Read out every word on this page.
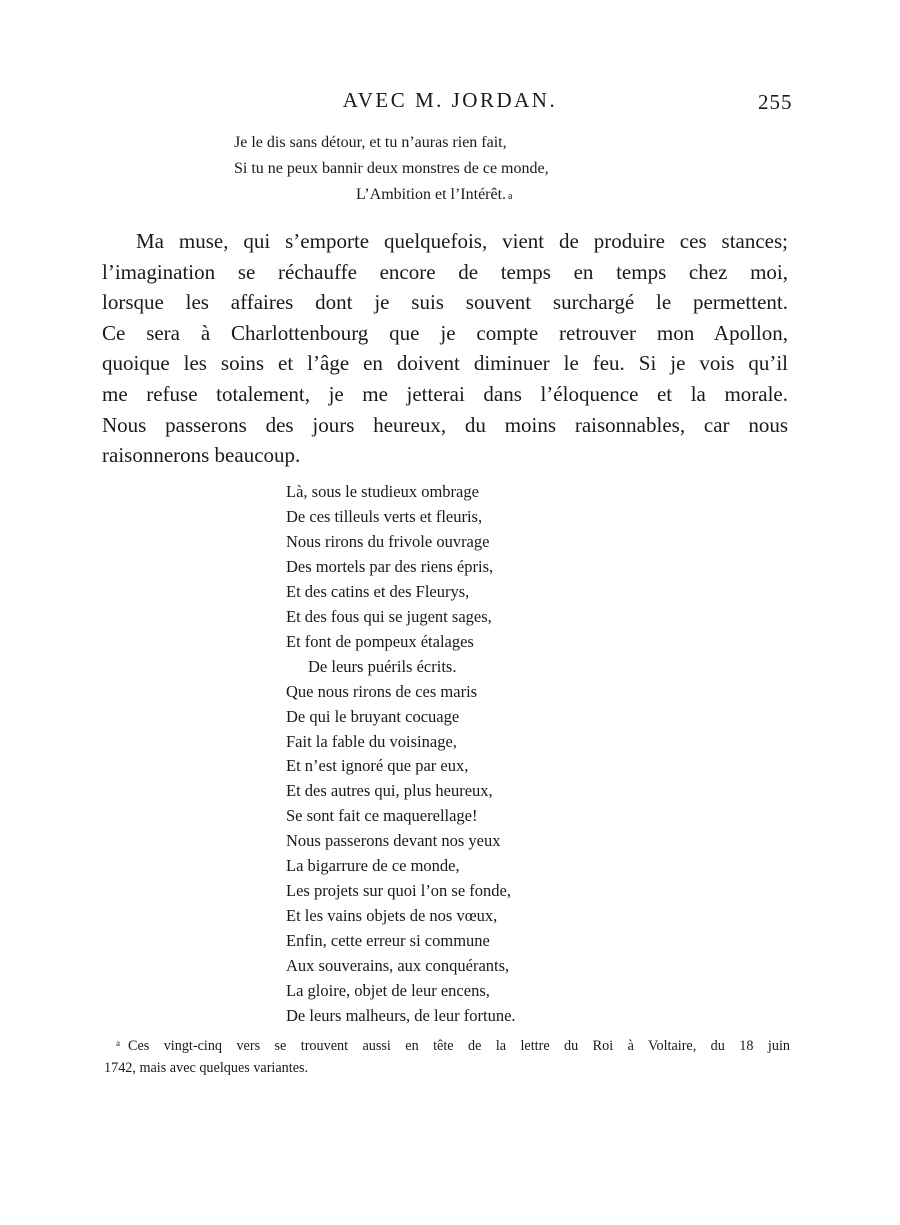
AVEC M. JORDAN.	255
Je le dis sans détour, et tu n’auras rien fait,
Si tu ne peux bannir deux monstres de ce monde,
L’Ambition et l’Intérêt. a
Ma muse, qui s’emporte quelquefois, vient de produire ces stances;
l’imagination se réchauffe encore de temps en temps chez moi,
lorsque les affaires dont je suis souvent surchargé le permettent.
Ce sera à Charlottenbourg que je compte retrouver mon Apollon,
quoique les soins et l’âge en doivent diminuer le feu. Si je vois qu’il
me refuse totalement, je me jetterai dans l’éloquence et la morale.
Nous passerons des jours heureux, du moins raisonnables, car nous
raisonnerons beaucoup.
Là, sous le studieux ombrage
De ces tilleuls verts et fleuris,
Nous rirons du frivole ouvrage
Des mortels par des riens épris,
Et des catins et des Fleurys,
Et des fous qui se jugent sages,
Et font de pompeux étalages
De leurs puérils écrits.
Que nous rirons de ces maris
De qui le bruyant cocuage
Fait la fable du voisinage,
Et n’est ignoré que par eux,
Et des autres qui, plus heureux,
Se sont fait ce maquerellage!
Nous passerons devant nos yeux
La bigarrure de ce monde,
Les projets sur quoi l’on se fonde,
Et les vains objets de nos vœux,
Enfin, cette erreur si commune
Aux souverains, aux conquérants,
La gloire, objet de leur encens,
De leurs malheurs, de leur fortune.
$^a$ Ces vingt-cinq vers se trouvent aussi en tête de la lettre du Roi à Voltaire, du 18 juin
1742, mais avec quelques variantes.
